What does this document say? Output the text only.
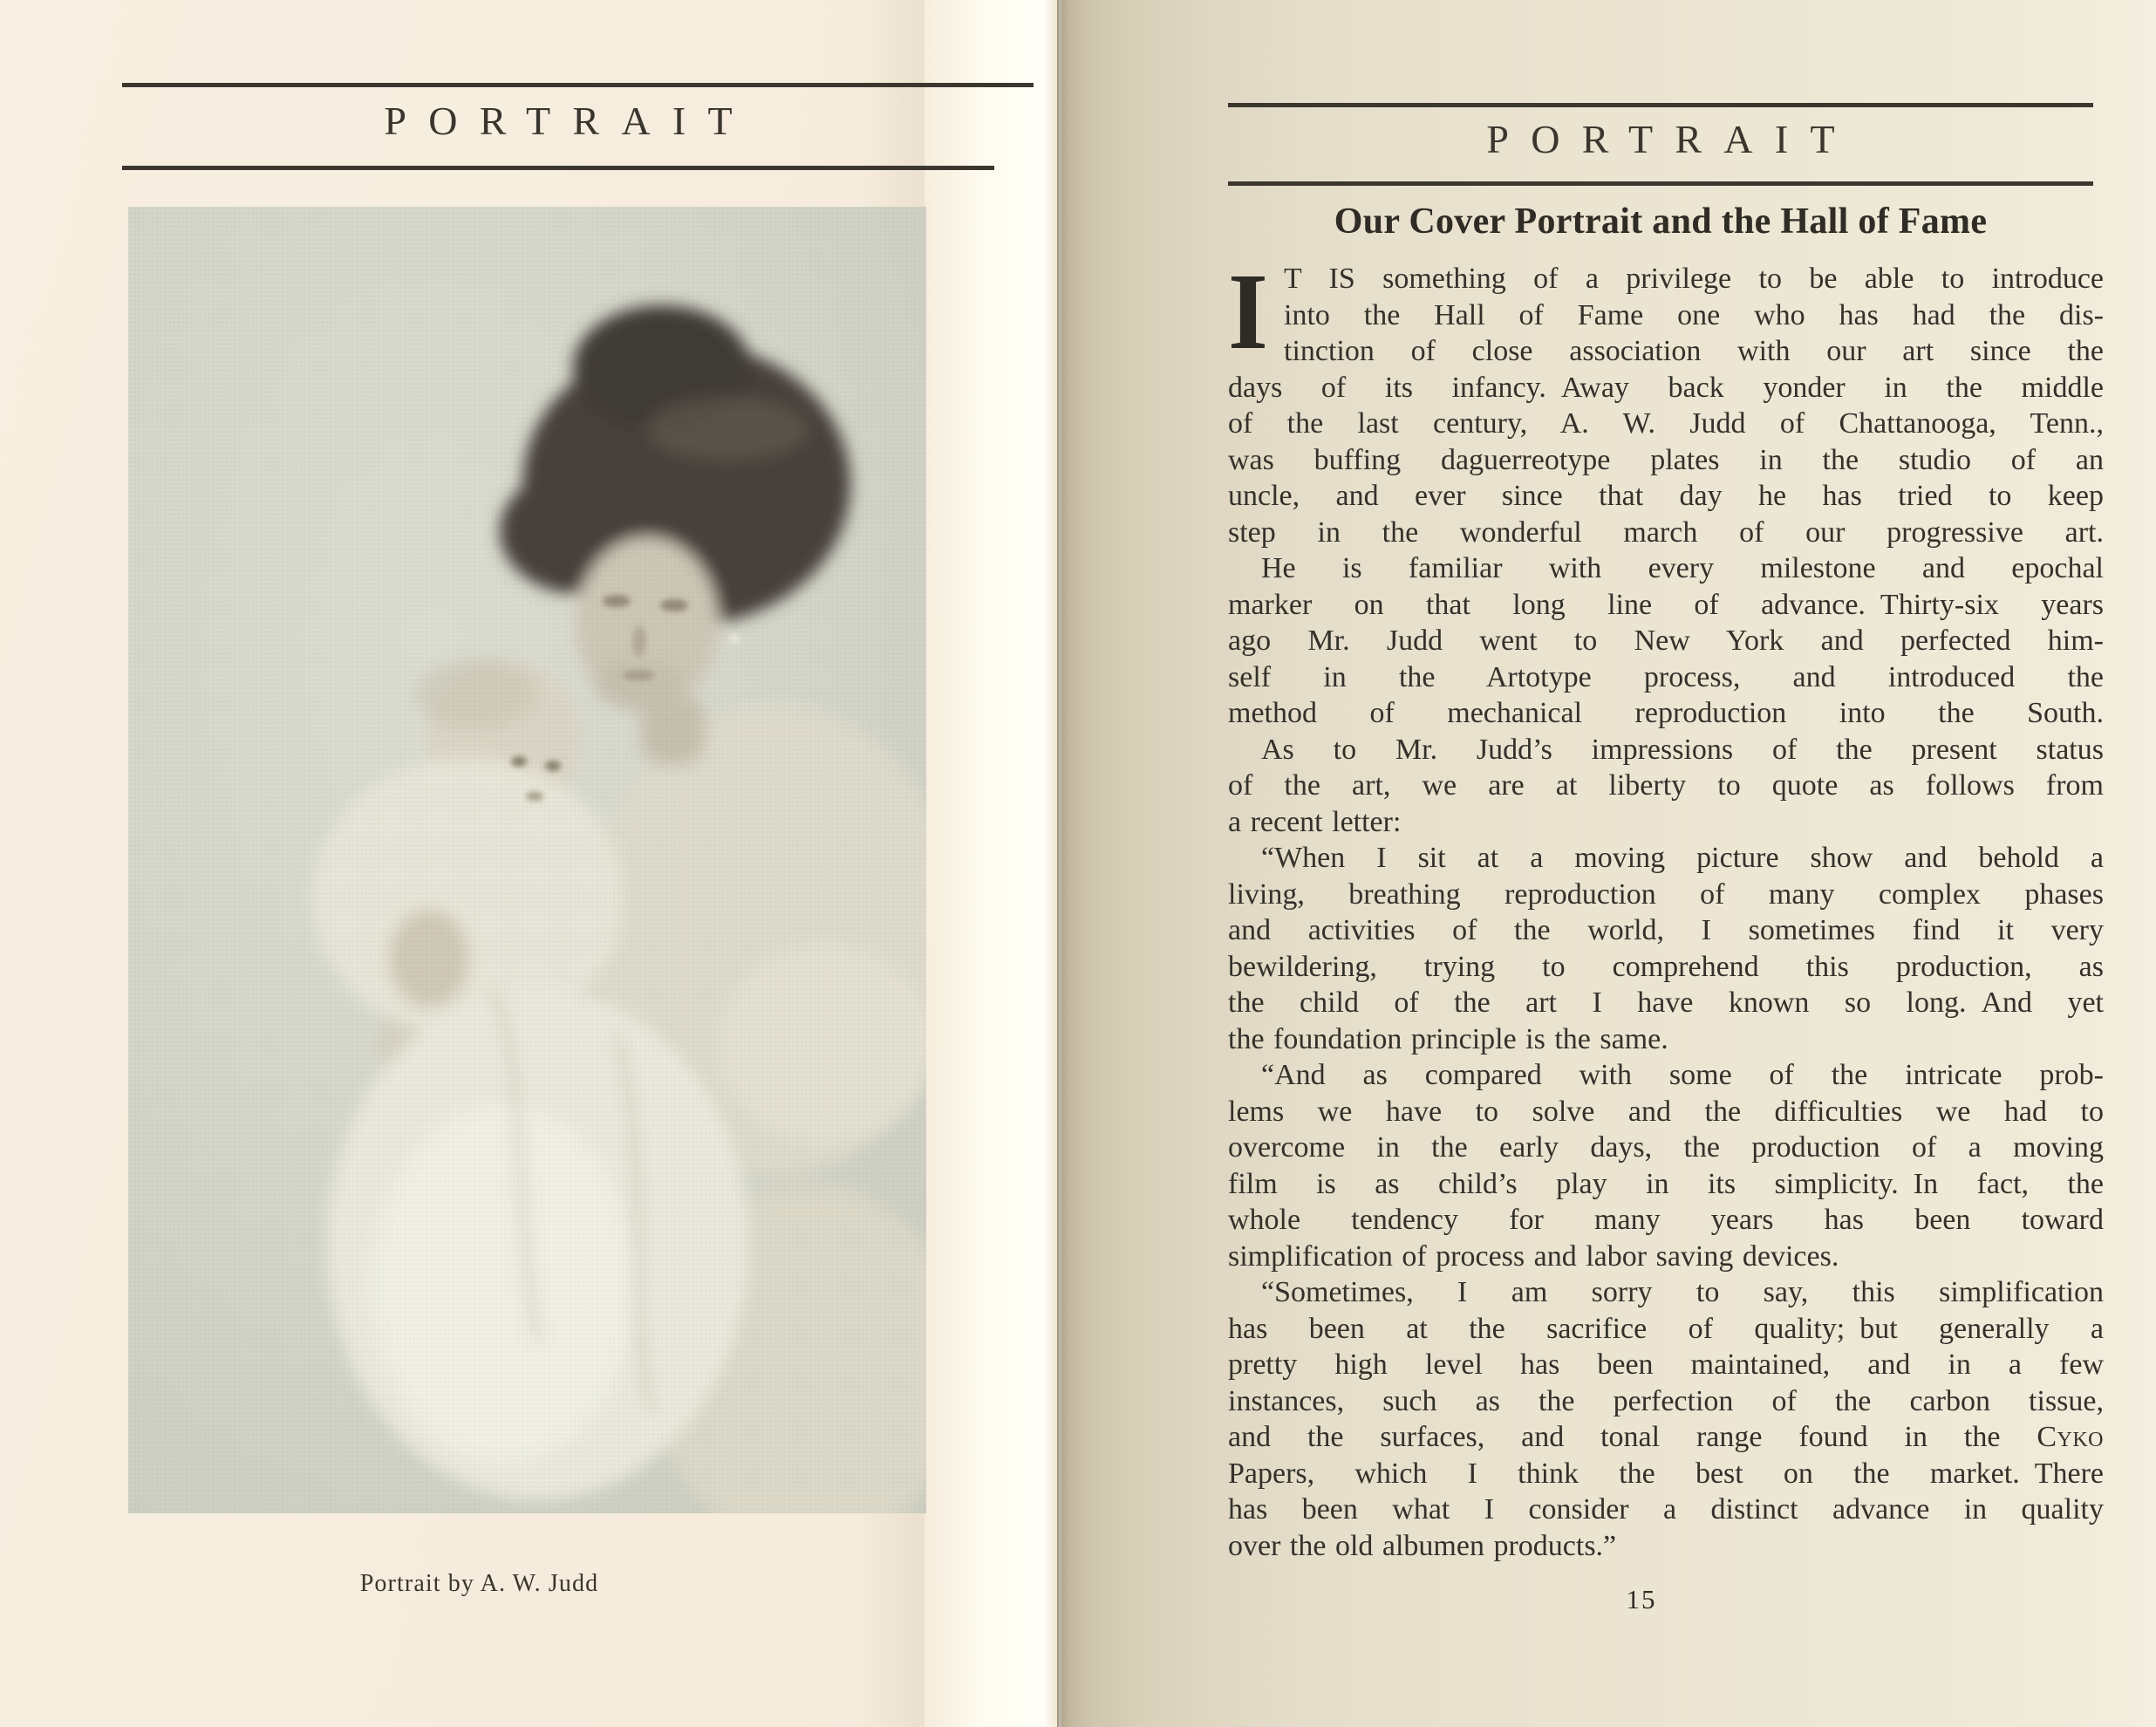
PORTRAIT
Portrait by A. W. Judd
PORTRAIT
Our Cover Portrait and the Hall of Fame
I T IS something of a privilege to be able to introduce
into the Hall of Fame one who has had the dis-
tinction of close association with our art since the
days of its infancy. Away back yonder in the middle
of the last century, A. W. Judd of Chattanooga, Tenn.,
was buffing daguerreotype plates in the studio of an
uncle, and ever since that day he has tried to keep
step in the wonderful march of our progressive art.
He is familiar with every milestone and epochal
marker on that long line of advance. Thirty-six years
ago Mr. Judd went to New York and perfected him-
self in the Artotype process, and introduced the
method of mechanical reproduction into the South.
As to Mr. Judd’s impressions of the present status
of the art, we are at liberty to quote as follows from
a recent letter:
“When I sit at a moving picture show and behold a
living, breathing reproduction of many complex phases
and activities of the world, I sometimes find it very
bewildering, trying to comprehend this production, as
the child of the art I have known so long. And yet
the foundation principle is the same.
“And as compared with some of the intricate prob-
lems we have to solve and the difficulties we had to
overcome in the early days, the production of a moving
film is as child’s play in its simplicity. In fact, the
whole tendency for many years has been toward
simplification of process and labor saving devices.
“Sometimes, I am sorry to say, this simplification
has been at the sacrifice of quality; but generally a
pretty high level has been maintained, and in a few
instances, such as the perfection of the carbon tissue,
and the surfaces, and tonal range found in the Cyko
Papers, which I think the best on the market. There
has been what I consider a distinct advance in quality
over the old albumen products.”
15
